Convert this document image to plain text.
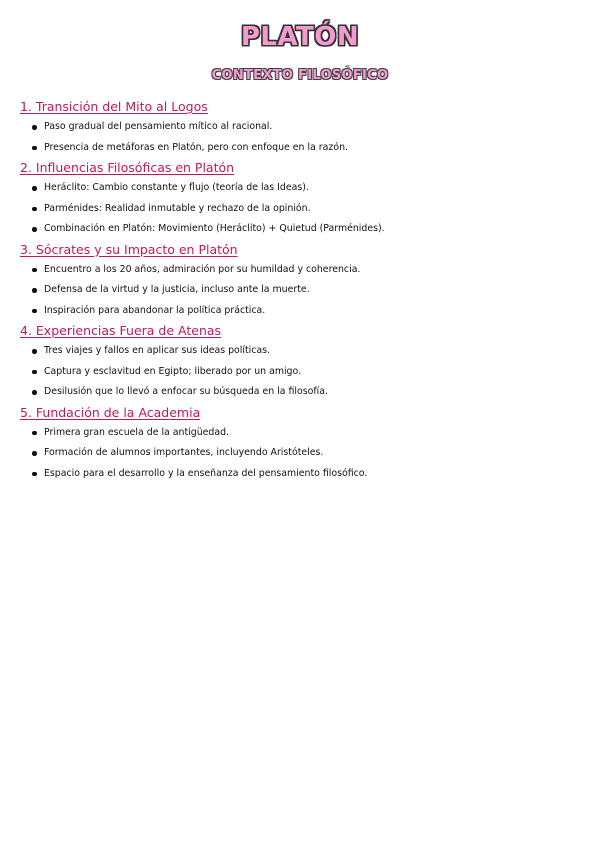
PLATÓN
CONTEXTO FILOSÓFICO
1. Transición del Mito al Logos
Paso gradual del pensamiento mítico al racional.
Presencia de metáforas en Platón, pero con enfoque en la razón.
2. Influencias Filosóficas en Platón
Heráclito: Cambio constante y flujo (teoría de las Ideas).
Parménides: Realidad inmutable y rechazo de la opinión.
Combinación en Platón: Movimiento (Heráclito) + Quietud (Parménides).
3. Sócrates y su Impacto en Platón
Encuentro a los 20 años, admiración por su humildad y coherencia.
Defensa de la virtud y la justicia, incluso ante la muerte.
Inspiración para abandonar la política práctica.
4. Experiencias Fuera de Atenas
Tres viajes y fallos en aplicar sus ideas políticas.
Captura y esclavitud en Egipto; liberado por un amigo.
Desilusión que lo llevó a enfocar su búsqueda en la filosofía.
5. Fundación de la Academia
Primera gran escuela de la antigüedad.
Formación de alumnos importantes, incluyendo Aristóteles.
Espacio para el desarrollo y la enseñanza del pensamiento filosófico.
